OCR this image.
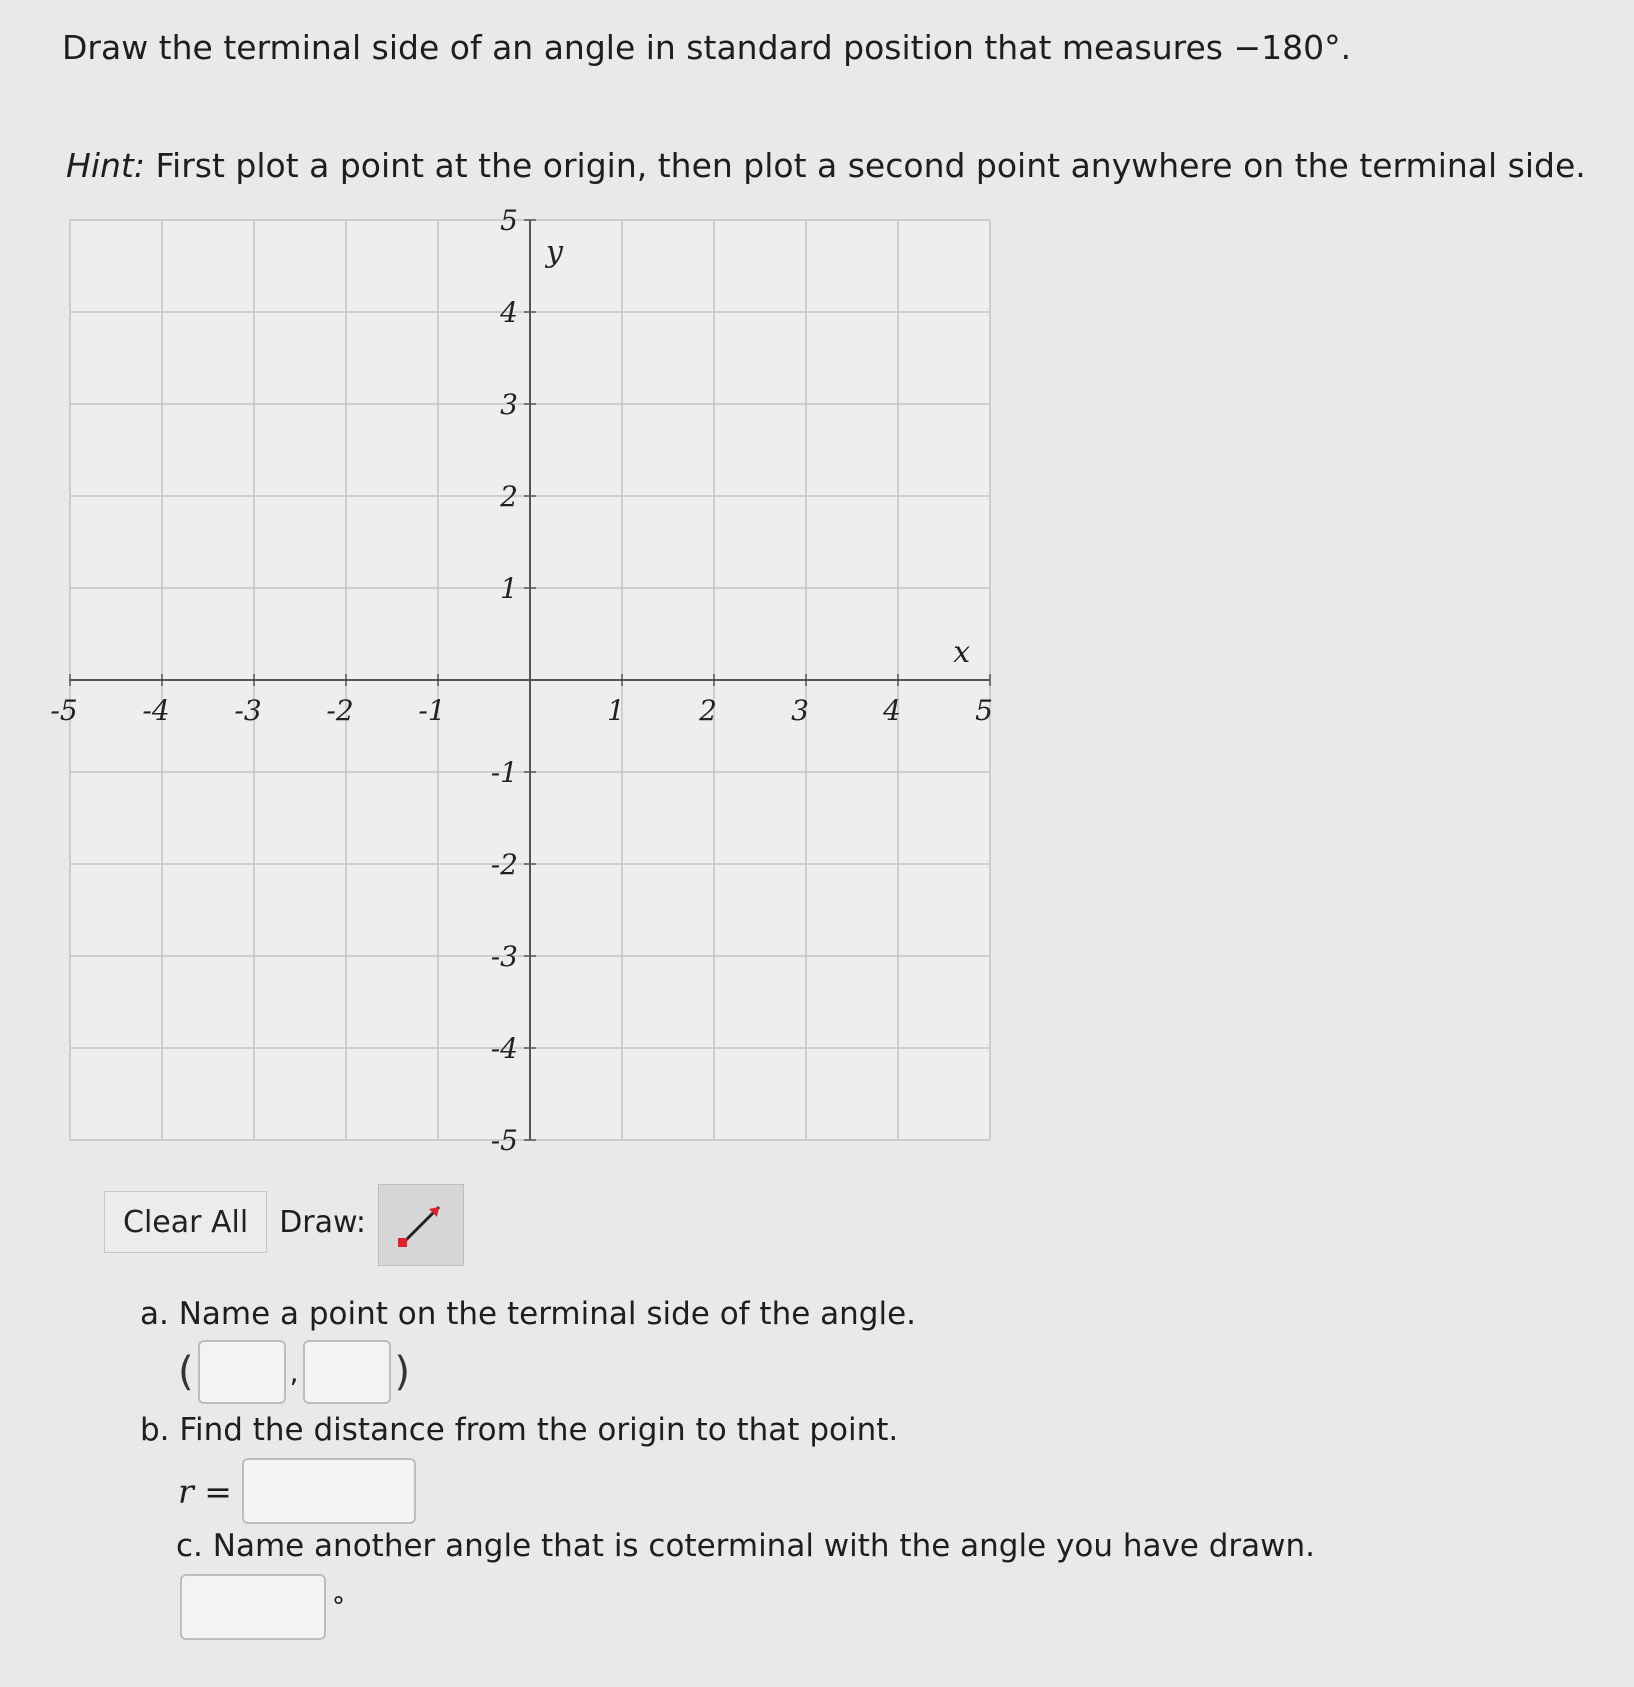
Draw the terminal side of an angle in standard position that measures −180°.

Hint: First plot a point at the origin, then plot a second point anywhere on the terminal side.

-5 -4 -3 -2 -1	1	2	3	4	5
5
4
3
2
1
-1
-2
-3
-4
-5
x
y
Clear All	Draw:

a. Name a point on the terminal side of the angle.

(	, )

b. Find the distance from the origin to that point.

r =

c. Name another angle that is coterminal with the angle you have drawn.

°
